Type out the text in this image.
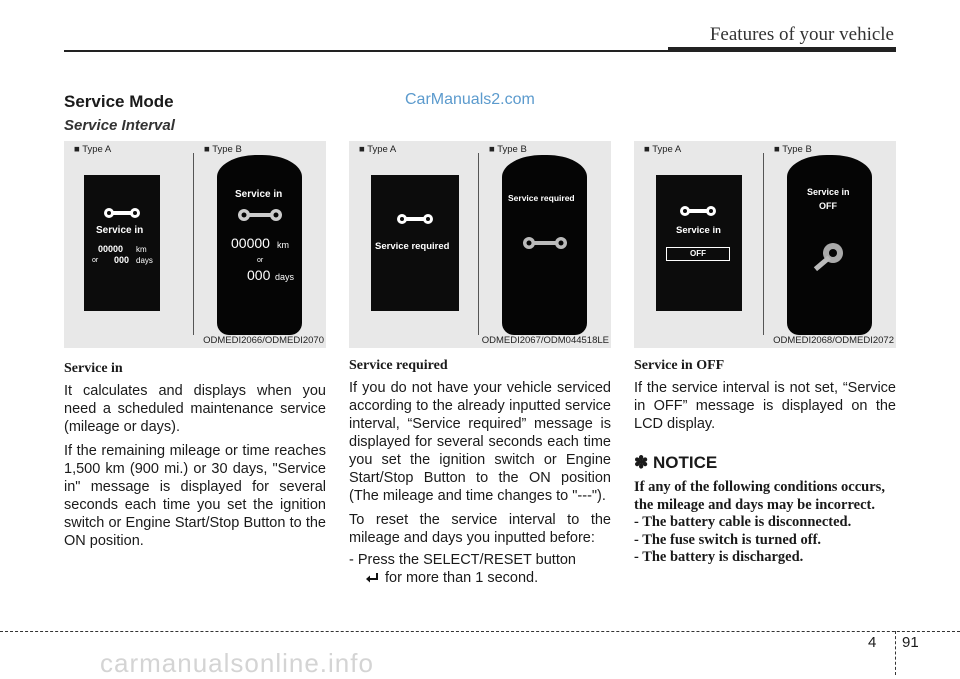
Features of your vehicle
Service Mode
Service Interval
CarManuals2.com
■ Type A	■ Type B
Service in
00000 km
or 000 days
Service in
00000 km
or
000 days
ODMEDI2066/ODMEDI2070
■ Type A	■ Type B
Service required
Service required
ODMEDI2067/ODM044518LE
■ Type A	■ Type B
Service in
OFF
Service in
OFF
ODMEDI2068/ODMEDI2072
Service in
It calculates and displays when you need a scheduled maintenance service (mileage or days).
If the remaining mileage or time reaches 1,500 km (900 mi.) or 30 days, "Service in" message is displayed for several seconds each time you set the ignition switch or Engine Start/Stop Button to the ON position.
Service required
If you do not have your vehicle serviced according to the already inputted service interval, “Service required” message is displayed for several seconds each time you set the ignition switch or Engine Start/Stop Button to the ON position (The mileage and time changes to "---").
To reset the service interval to the mileage and days you inputted before:
- Press the SELECT/RESET button
for more than 1 second.
Service in OFF
If the service interval is not set, “Service in OFF” message is displayed on the LCD display.
✽ NOTICE
If any of the following conditions occurs, the mileage and days may be incorrect.
- The battery cable is disconnected.
- The fuse switch is turned off.
- The battery is discharged.
4 91
carmanualsonline.info
